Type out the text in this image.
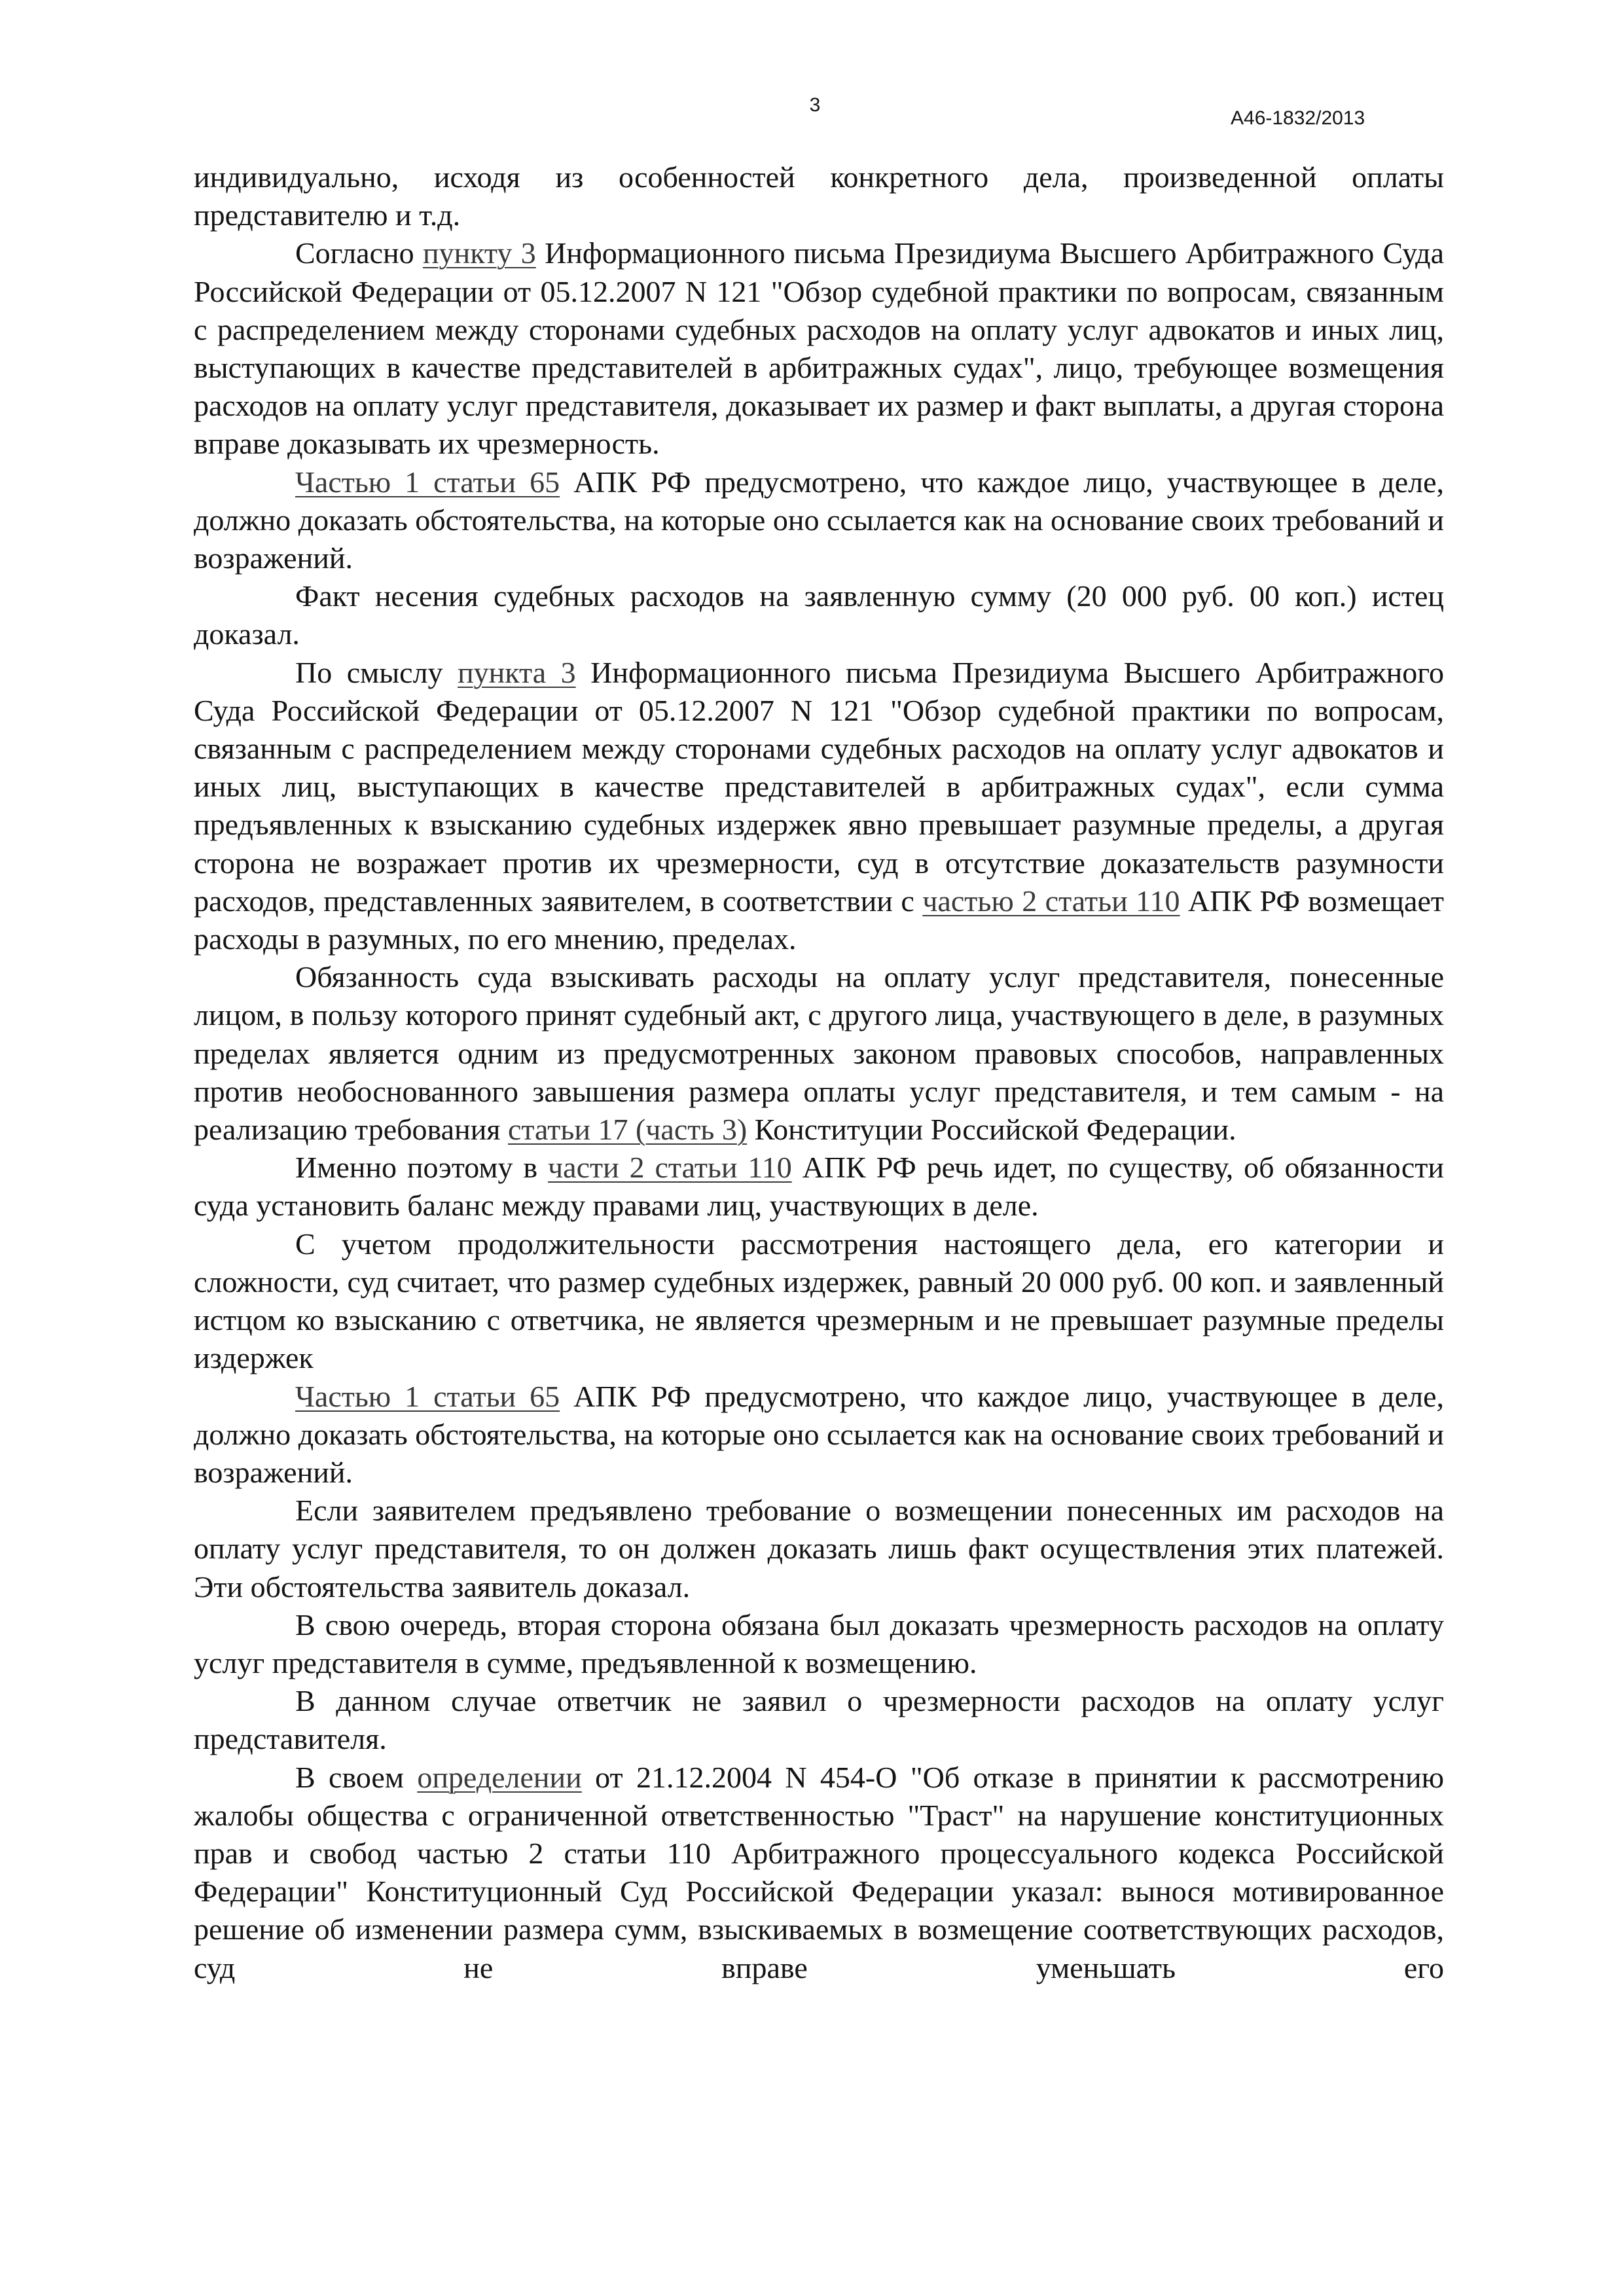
3
А46-1832/2013

индивидуально, исходя из особенностей конкретного дела, произведенной оплаты представителю и т.д.

Согласно пункту 3 Информационного письма Президиума Высшего Арбитражного Суда Российской Федерации от 05.12.2007 N 121 "Обзор судебной практики по вопросам, связанным с распределением между сторонами судебных расходов на оплату услуг адвокатов и иных лиц, выступающих в качестве представителей в арбитражных судах", лицо, требующее возмещения расходов на оплату услуг представителя, доказывает их размер и факт выплаты, а другая сторона вправе доказывать их чрезмерность.

Частью 1 статьи 65 АПК РФ предусмотрено, что каждое лицо, участвующее в деле, должно доказать обстоятельства, на которые оно ссылается как на основание своих требований и возражений.

Факт несения судебных расходов на заявленную сумму (20 000 руб. 00 коп.) истец доказал.

По смыслу пункта 3 Информационного письма Президиума Высшего Арбитражного Суда Российской Федерации от 05.12.2007 N 121 "Обзор судебной практики по вопросам, связанным с распределением между сторонами судебных расходов на оплату услуг адвокатов и иных лиц, выступающих в качестве представителей в арбитражных судах", если сумма предъявленных к взысканию судебных издержек явно превышает разумные пределы, а другая сторона не возражает против их чрезмерности, суд в отсутствие доказательств разумности расходов, представленных заявителем, в соответствии с частью 2 статьи 110 АПК РФ возмещает расходы в разумных, по его мнению, пределах.

Обязанность суда взыскивать расходы на оплату услуг представителя, понесенные лицом, в пользу которого принят судебный акт, с другого лица, участвующего в деле, в разумных пределах является одним из предусмотренных законом правовых способов, направленных против необоснованного завышения размера оплаты услуг представителя, и тем самым - на реализацию требования статьи 17 (часть 3) Конституции Российской Федерации.

Именно поэтому в части 2 статьи 110 АПК РФ речь идет, по существу, об обязанности суда установить баланс между правами лиц, участвующих в деле.

С учетом продолжительности рассмотрения настоящего дела, его категории и сложности, суд считает, что размер судебных издержек, равный 20 000 руб. 00 коп. и заявленный истцом ко взысканию с ответчика, не является чрезмерным и не превышает разумные пределы издержек

Частью 1 статьи 65 АПК РФ предусмотрено, что каждое лицо, участвующее в деле, должно доказать обстоятельства, на которые оно ссылается как на основание своих требований и возражений.

Если заявителем предъявлено требование о возмещении понесенных им расходов на оплату услуг представителя, то он должен доказать лишь факт осуществления этих платежей. Эти обстоятельства заявитель доказал.

В свою очередь, вторая сторона обязана был доказать чрезмерность расходов на оплату услуг представителя в сумме, предъявленной к возмещению.

В данном случае ответчик не заявил о чрезмерности расходов на оплату услуг представителя.

В своем определении от 21.12.2004 N 454-О "Об отказе в принятии к рассмотрению жалобы общества с ограниченной ответственностью "Траст" на нарушение конституционных прав и свобод частью 2 статьи 110 Арбитражного процессуального кодекса Российской Федерации" Конституционный Суд Российской Федерации указал: вынося мотивированное решение об изменении размера сумм, взыскиваемых в возмещение соответствующих расходов, суд не вправе уменьшать его
